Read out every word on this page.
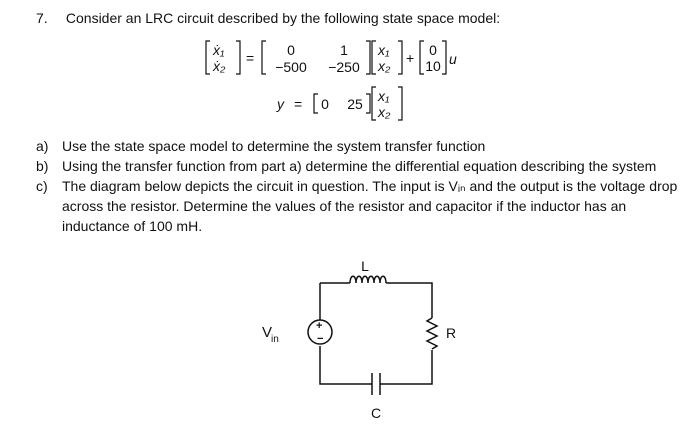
7. Consider an LRC circuit described by the following state space model:
ẋ₁
ẋ₂ = 0	1
−500 −250
x₁
x₂ + 0
10 u
y = 0 25 x₁
x₂
a) Use the state space model to determine the system transfer function
b) Using the transfer function from part a) determine the differential equation describing the system
c)	The diagram below depicts the circuit in question. The input is Vᵢₙ and the output is the voltage drop across the resistor. Determine the values of the resistor and capacitor if the inductor has an inductance of 100 mH.
+
−
L
R
C
V
in
